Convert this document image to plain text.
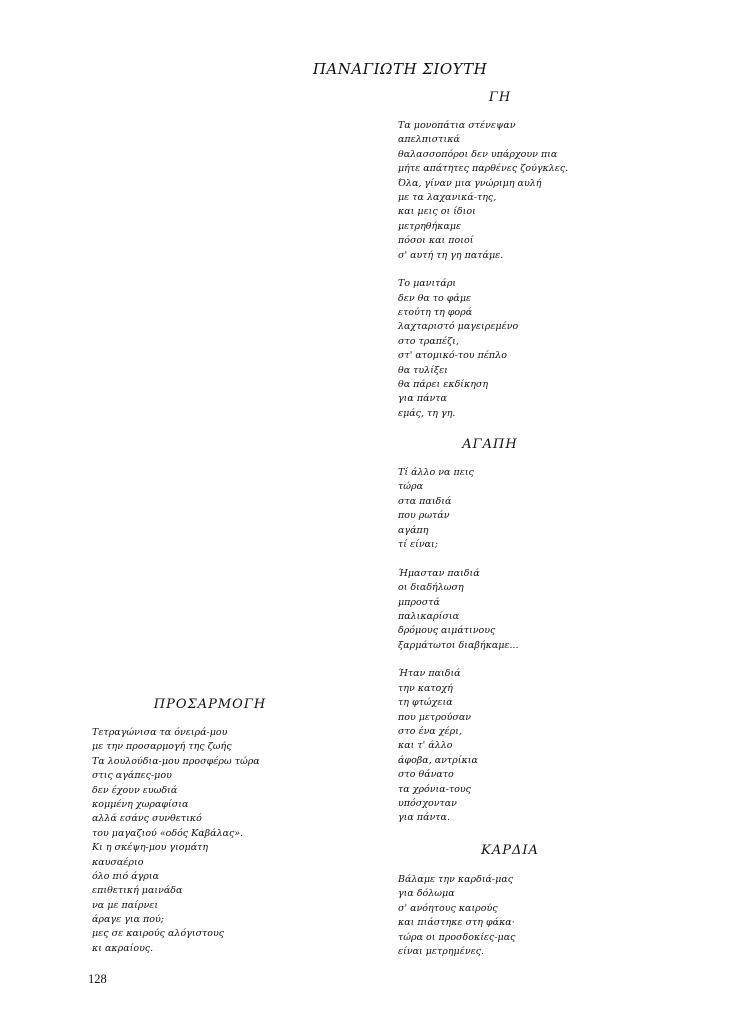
ΠΑΝΑΓΙΩΤΗ ΣΙΟΥΤΗ
ΓΗ
Τα μονοπάτια στένεψαν
απελπιστικά
θαλασσοπόροι δεν υπάρχουν πια
μήτε απάτητες παρθένες ζούγκλες.
Όλα, γίναν μια γνώριμη αυλή
με τα λαχανικά-της,
και μεις οι ίδιοι
μετρηθήκαμε
πόσοι και ποιοί
σ' αυτή τη γη πατάμε.
Το μανιτάρι
δεν θα το φάμε
ετούτη τη φορά
λαχταριστό μαγειρεμένο
στο τραπέζι,
στ' ατομικό-του πέπλο
θα τυλίξει
θα πάρει εκδίκηση
για πάντα
εμάς, τη γη.
ΑΓΑΠΗ
Τί άλλο να πεις
τώρα
στα παιδιά
που ρωτάν
αγάπη
τί είναι;
Ήμασταν παιδιά
οι διαδήλωση
μπροστά
παλικαρίσια
δρόμους αιμάτινους
ξαρμάτωτοι διαβήκαμε...
Ήταν παιδιά
την κατοχή
τη φτώχεια
που μετρούσαν
στο ένα χέρι,
και τ' άλλο
άφοβα, αντρίκια
στο θάνατο
τα χρόνια-τους
υπόσχονταν
για πάντα.
ΠΡΟΣΑΡΜΟΓΗ
Τετραγώνισα τα όνειρά-μου
με την προσαρμογή της ζωής
Τα λουλούδια-μου προσφέρω τώρα
στις αγάπες-μου
δεν έχουν ευωδιά
κομμένη χωραφίσια
αλλά εσάνς συνθετικό
του μαγαζιού «οδός Καβάλας».
Κι η σκέψη-μου γιομάτη
καυσαέριο
όλο πιό άγρια
επιθετική μαινάδα
να με παίρνει
άραγε για πού;
μες σε καιρούς αλόγιστους
κι ακραίους.
ΚΑΡΔΙΑ
Βάλαμε την καρδιά-μας
για δόλωμα
σ' ανόητους καιρούς
και πιάστηκε στη φάκα·
τώρα οι προσδοκίες-μας
είναι μετρημένες.
128
